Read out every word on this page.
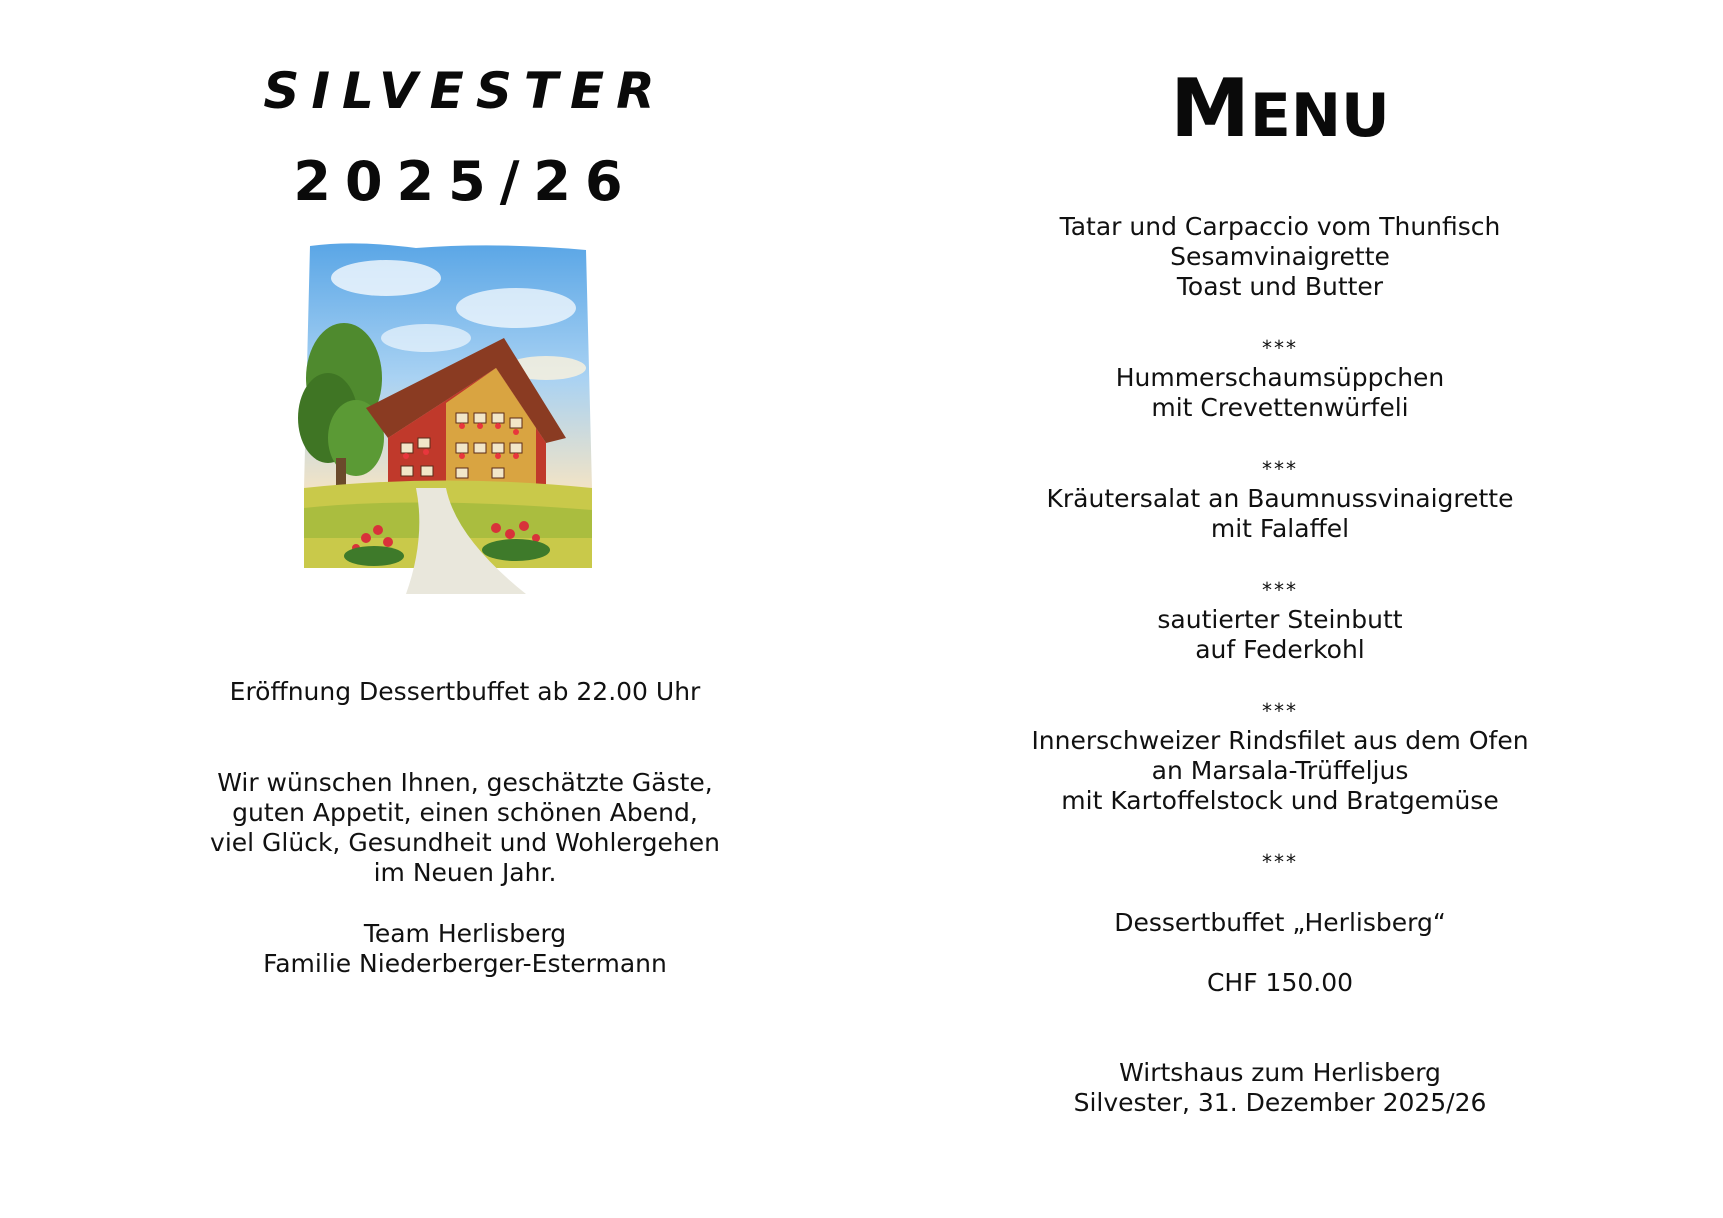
SILVESTER
2025/26
Eröffnung Dessertbuffet ab 22.00 Uhr
Wir wünschen Ihnen, geschätzte Gäste,
guten Appetit, einen schönen Abend,
viel Glück, Gesundheit und Wohlergehen
im Neuen Jahr.
Team Herlisberg
Familie Niederberger-Estermann
MENU
Tatar und Carpaccio vom Thunfisch
Sesamvinaigrette
Toast und Butter
***
Hummerschaumsüppchen
mit Crevettenwürfeli
***
Kräutersalat an Baumnussvinaigrette
mit Falaffel
***
sautierter Steinbutt
auf Federkohl
***
Innerschweizer Rindsfilet aus dem Ofen
an Marsala-Trüffeljus
mit Kartoffelstock und Bratgemüse
***
Dessertbuffet „Herlisberg“
CHF 150.00
Wirtshaus zum Herlisberg
Silvester, 31. Dezember 2025/26
